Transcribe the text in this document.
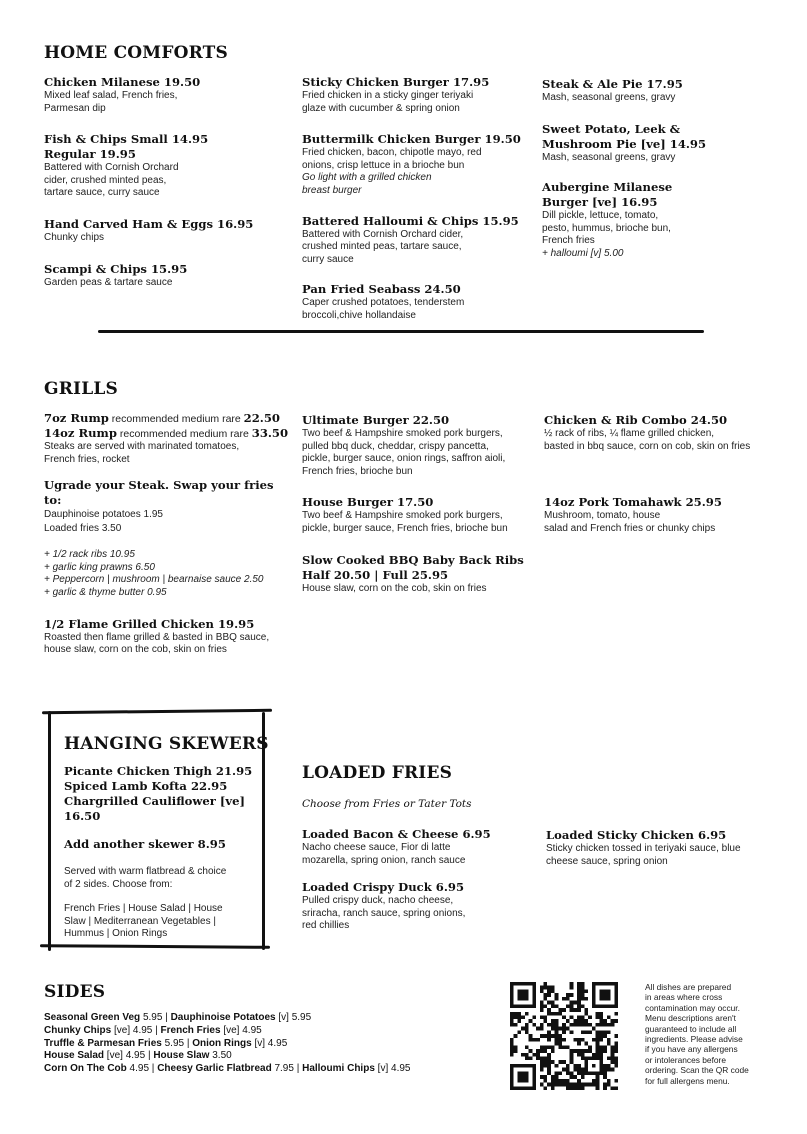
HOME COMFORTS
Chicken Milanese 19.50
Mixed leaf salad, French fries,
Parmesan dip
Fish & Chips Small 14.95
Regular 19.95
Battered with Cornish Orchard
cider, crushed minted peas,
tartare sauce, curry sauce
Hand Carved Ham & Eggs 16.95
Chunky chips
Scampi & Chips 15.95
Garden peas & tartare sauce
Sticky Chicken Burger 17.95
Fried chicken in a sticky ginger teriyaki
glaze with cucumber & spring onion
Buttermilk Chicken Burger 19.50
Fried chicken, bacon, chipotle mayo, red
onions, crisp lettuce in a brioche bun
Go light with a grilled chicken
breast burger
Battered Halloumi & Chips 15.95
Battered with Cornish Orchard cider,
crushed minted peas, tartare sauce,
curry sauce
Pan Fried Seabass 24.50
Caper crushed potatoes, tenderstem
broccoli,chive hollandaise
Steak & Ale Pie 17.95
Mash, seasonal greens, gravy
Sweet Potato, Leek &
Mushroom Pie [ve] 14.95
Mash, seasonal greens, gravy
Aubergine Milanese
Burger [ve] 16.95
Dill pickle, lettuce, tomato,
pesto, hummus, brioche bun,
French fries
+ halloumi [v] 5.00
GRILLS
7oz Rump recommended medium rare 22.50
14oz Rump recommended medium rare 33.50
Steaks are served with marinated tomatoes,
French fries, rocket
Ugrade your Steak. Swap your fries to:
Dauphinoise potatoes 1.95
Loaded fries 3.50
+ 1/2 rack ribs 10.95
+ garlic king prawns 6.50
+ Peppercorn | mushroom | bearnaise sauce 2.50
+ garlic & thyme butter 0.95
1/2 Flame Grilled Chicken 19.95
Roasted then flame grilled & basted in BBQ sauce,
house slaw, corn on the cob, skin on fries
Ultimate Burger 22.50
Two beef & Hampshire smoked pork burgers,
pulled bbq duck, cheddar, crispy pancetta,
pickle, burger sauce, onion rings, saffron aioli,
French fries, brioche bun
House Burger 17.50
Two beef & Hampshire smoked pork burgers,
pickle, burger sauce, French fries, brioche bun
Slow Cooked BBQ Baby Back Ribs
Half 20.50 | Full 25.95
House slaw, corn on the cob, skin on fries
Chicken & Rib Combo 24.50
½ rack of ribs, ¼ flame grilled chicken,
basted in bbq sauce, corn on cob, skin on fries
14oz Pork Tomahawk 25.95
Mushroom, tomato, house
salad and French fries or chunky chips
HANGING SKEWERS
Picante Chicken Thigh 21.95
Spiced Lamb Kofta 22.95
Chargrilled Cauliflower [ve] 16.50
Add another skewer 8.95
Served with warm flatbread & choice
of 2 sides. Choose from:
French Fries | House Salad | House
Slaw | Mediterranean Vegetables |
Hummus | Onion Rings
LOADED FRIES
Choose from Fries or Tater Tots
Loaded Bacon & Cheese 6.95
Nacho cheese sauce, Fior di latte
mozarella, spring onion, ranch sauce
Loaded Crispy Duck 6.95
Pulled crispy duck, nacho cheese,
sriracha, ranch sauce, spring onions,
red chillies
Loaded Sticky Chicken 6.95
Sticky chicken tossed in teriyaki sauce, blue
cheese sauce, spring onion
SIDES
Seasonal Green Veg 5.95 | Dauphinoise Potatoes [v] 5.95
Chunky Chips [ve] 4.95 | French Fries [ve] 4.95
Truffle & Parmesan Fries 5.95 | Onion Rings [v] 4.95
House Salad [ve] 4.95 | House Slaw 3.50
Corn On The Cob 4.95 | Cheesy Garlic Flatbread 7.95 | Halloumi Chips [v] 4.95
All dishes are prepared
in areas where cross
contamination may occur.
Menu descriptions aren't
guaranteed to include all
ingredients. Please advise
if you have any allergens
or intolerances before
ordering. Scan the QR code
for full allergens menu.
